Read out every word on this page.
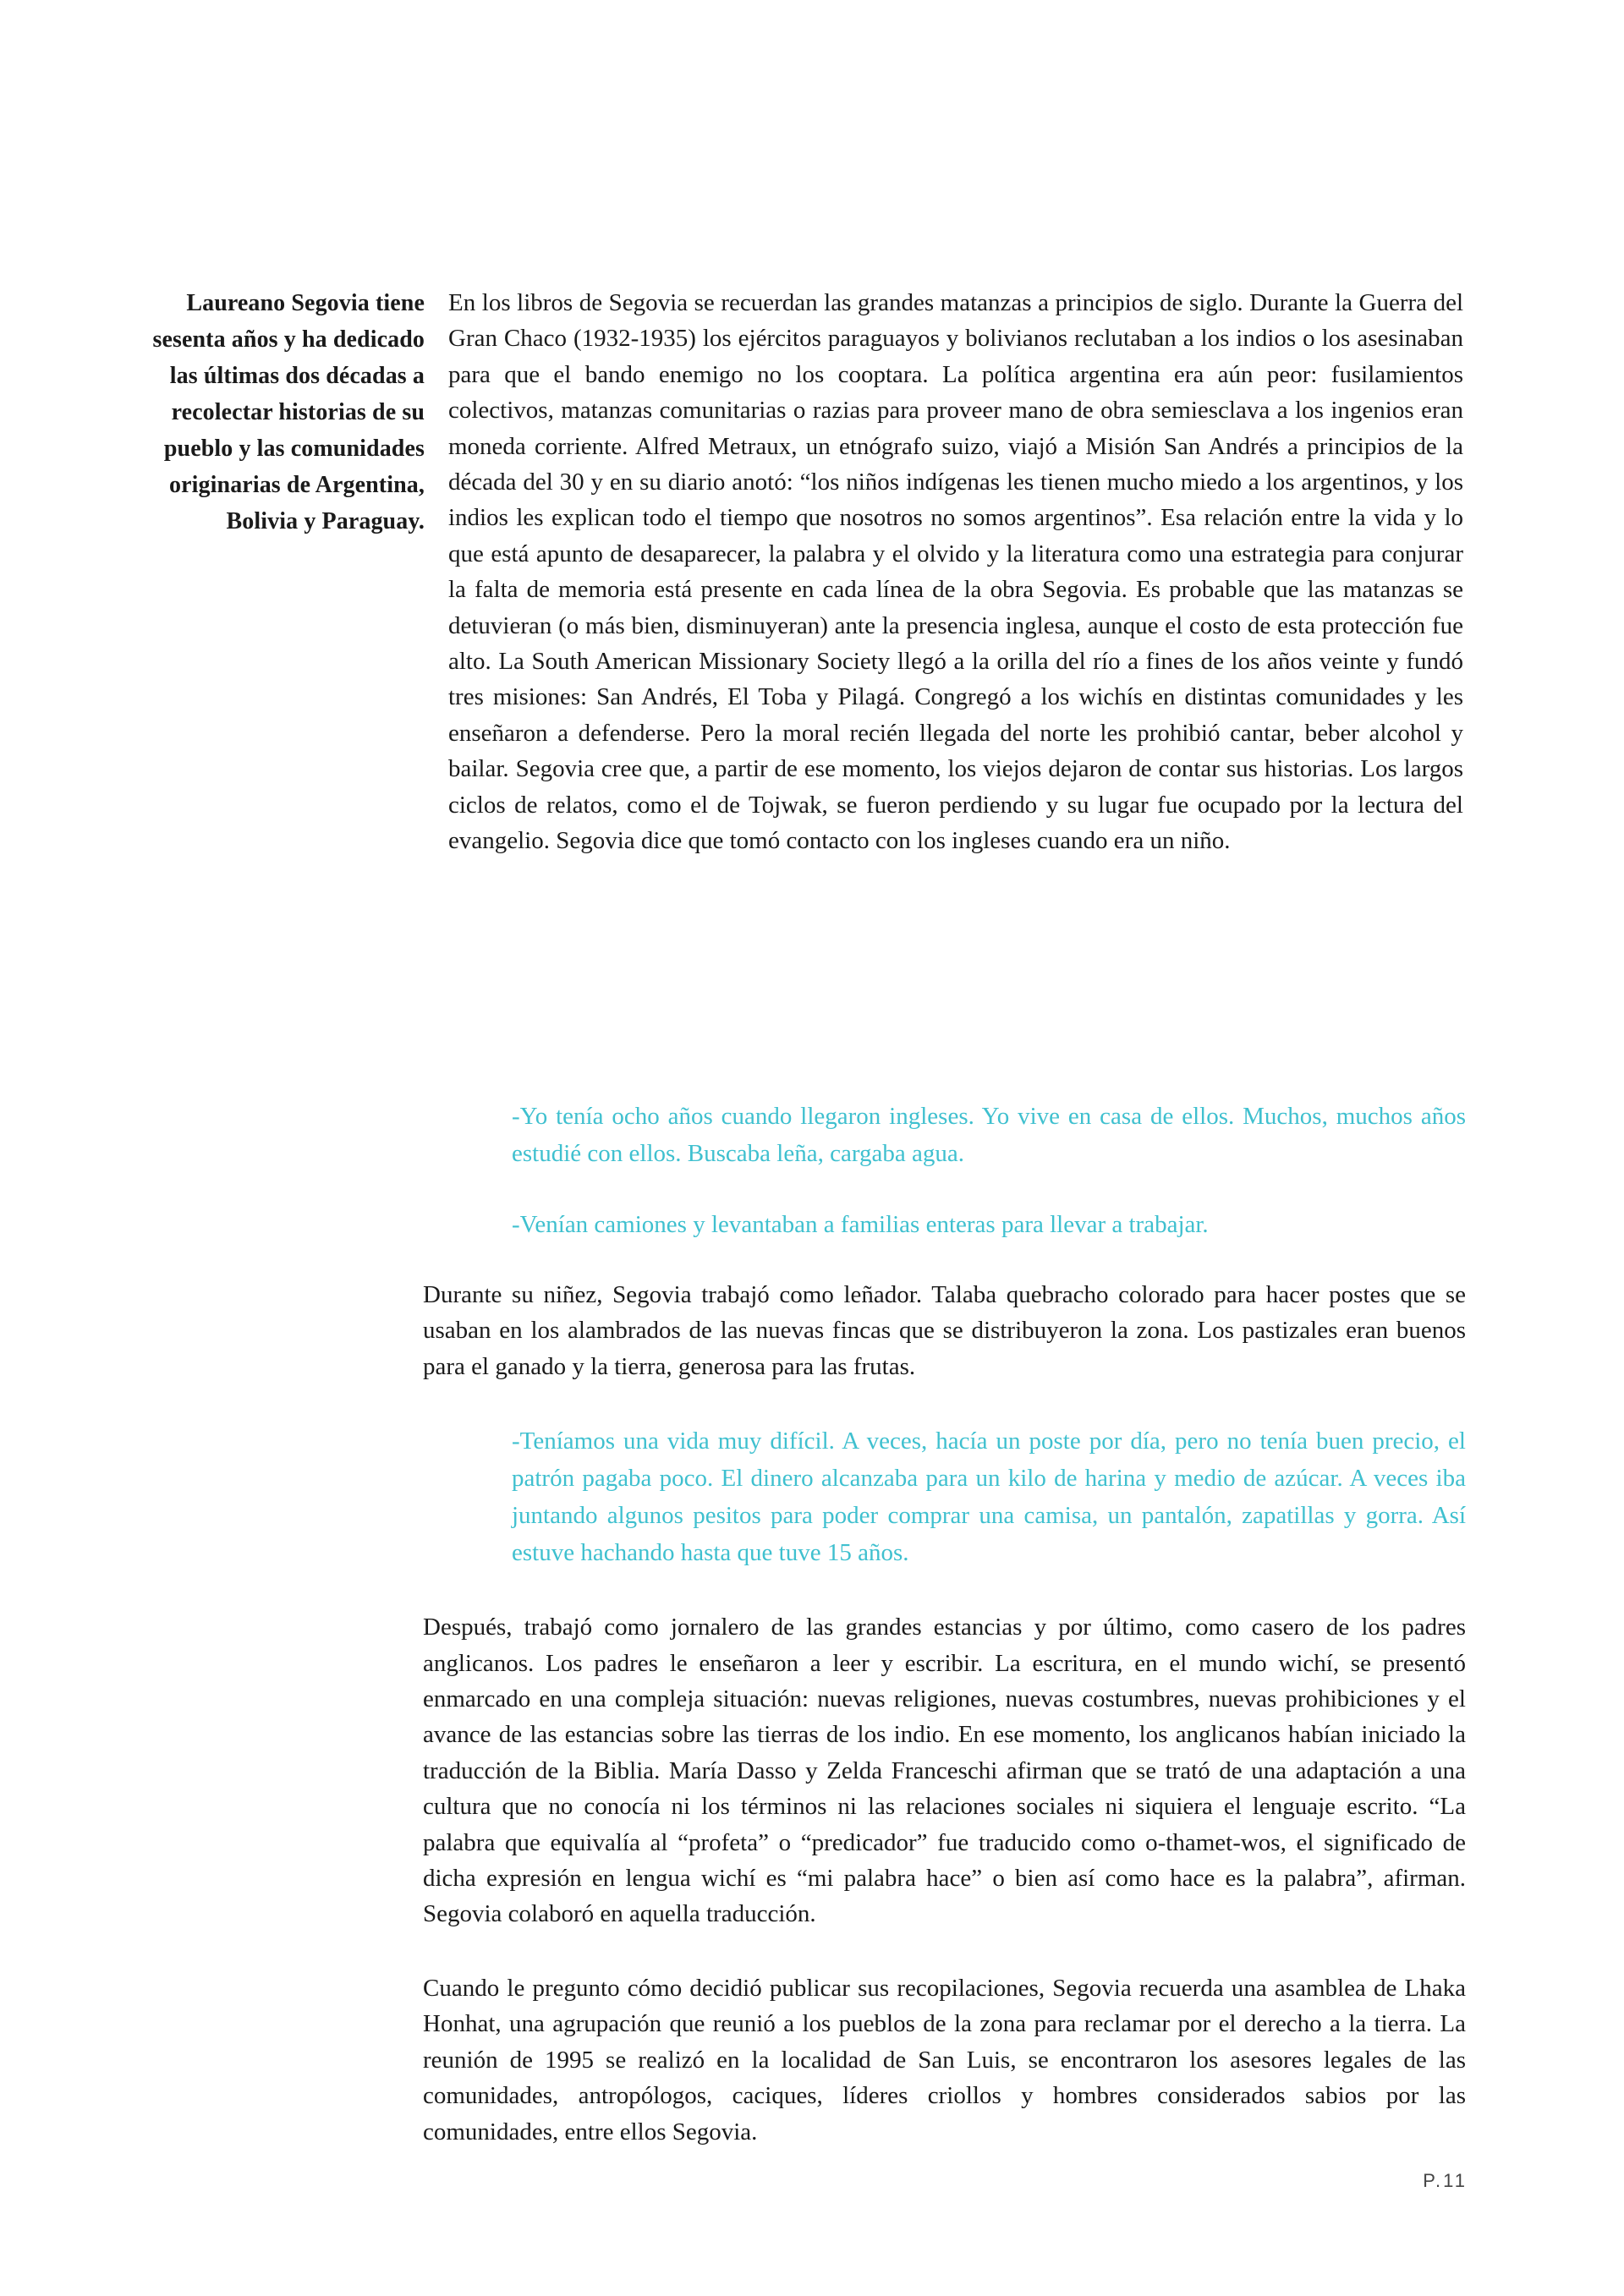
Laureano Segovia tiene sesenta años y ha dedicado las últimas dos décadas a recolectar historias de su pueblo y las comunidades originarias de Argentina, Bolivia y Paraguay.

En los libros de Segovia se recuerdan las grandes matanzas a principios de siglo. Durante la Guerra del Gran Chaco (1932-1935) los ejércitos paraguayos y bolivianos reclutaban a los indios o los asesinaban para que el bando enemigo no los cooptara. La política argentina era aún peor: fusilamientos colectivos, matanzas comunitarias o razias para proveer mano de obra semiesclava a los ingenios eran moneda corriente. Alfred Metraux, un etnógrafo suizo, viajó a Misión San Andrés a principios de la década del 30 y en su diario anotó: “los niños indígenas les tienen mucho miedo a los argentinos, y los indios les explican todo el tiempo que nosotros no somos argentinos”. Esa relación entre la vida y lo que está apunto de desaparecer, la palabra y el olvido y la literatura como una estrategia para conjurar la falta de memoria está presente en cada línea de la obra Segovia. Es probable que las matanzas se detuvieran (o más bien, disminuyeran) ante la presencia inglesa, aunque el costo de esta protección fue alto. La South American Missionary Society llegó a la orilla del río a fines de los años veinte y fundó tres misiones: San Andrés, El Toba y Pilagá. Congregó a los wichís en distintas comunidades y les enseñaron a defenderse. Pero la moral recién llegada del norte les prohibió cantar, beber alcohol y bailar. Segovia cree que, a partir de ese momento, los viejos dejaron de contar sus historias. Los largos ciclos de relatos, como el de Tojwak, se fueron perdiendo y su lugar fue ocupado por la lectura del evangelio. Segovia dice que tomó contacto con los ingleses cuando era un niño.

-Yo tenía ocho años cuando llegaron ingleses. Yo vive en casa de ellos. Muchos, muchos años estudié con ellos. Buscaba leña, cargaba agua.

-Venían camiones y levantaban a familias enteras para llevar a trabajar.

Durante su niñez, Segovia trabajó como leñador. Talaba quebracho colorado para hacer postes que se usaban en los alambrados de las nuevas fincas que se distribuyeron la zona. Los pastizales eran buenos para el ganado y la tierra, generosa para las frutas.

-Teníamos una vida muy difícil. A veces, hacía un poste por día, pero no tenía buen precio, el patrón pagaba poco. El dinero alcanzaba para un kilo de harina y medio de azúcar. A veces iba juntando algunos pesitos para poder comprar una camisa, un pantalón, zapatillas y gorra. Así estuve hachando hasta que tuve 15 años.

Después, trabajó como jornalero de las grandes estancias y por último, como casero de los padres anglicanos. Los padres le enseñaron a leer y escribir. La escritura, en el mundo wichí, se presentó enmarcado en una compleja situación: nuevas religiones, nuevas costumbres, nuevas prohibiciones y el avance de las estancias sobre las tierras de los indio. En ese momento, los anglicanos habían iniciado la traducción de la Biblia. María Dasso y Zelda Franceschi afirman que se trató de una adaptación a una cultura que no conocía ni los términos ni las relaciones sociales ni siquiera el lenguaje escrito. “La palabra que equivalía al “profeta” o “predicador” fue traducido como o-thamet-wos, el significado de dicha expresión en lengua wichí es “mi palabra hace” o bien así como hace es la palabra”, afirman. Segovia colaboró en aquella traducción.

Cuando le pregunto cómo decidió publicar sus recopilaciones, Segovia recuerda una asamblea de Lhaka Honhat, una agrupación que reunió a los pueblos de la zona para reclamar por el derecho a la tierra. La reunión de 1995 se realizó en la localidad de San Luis, se encontraron los asesores legales de las comunidades, antropólogos, caciques, líderes criollos y hombres considerados sabios por las comunidades, entre ellos Segovia.

P.11
